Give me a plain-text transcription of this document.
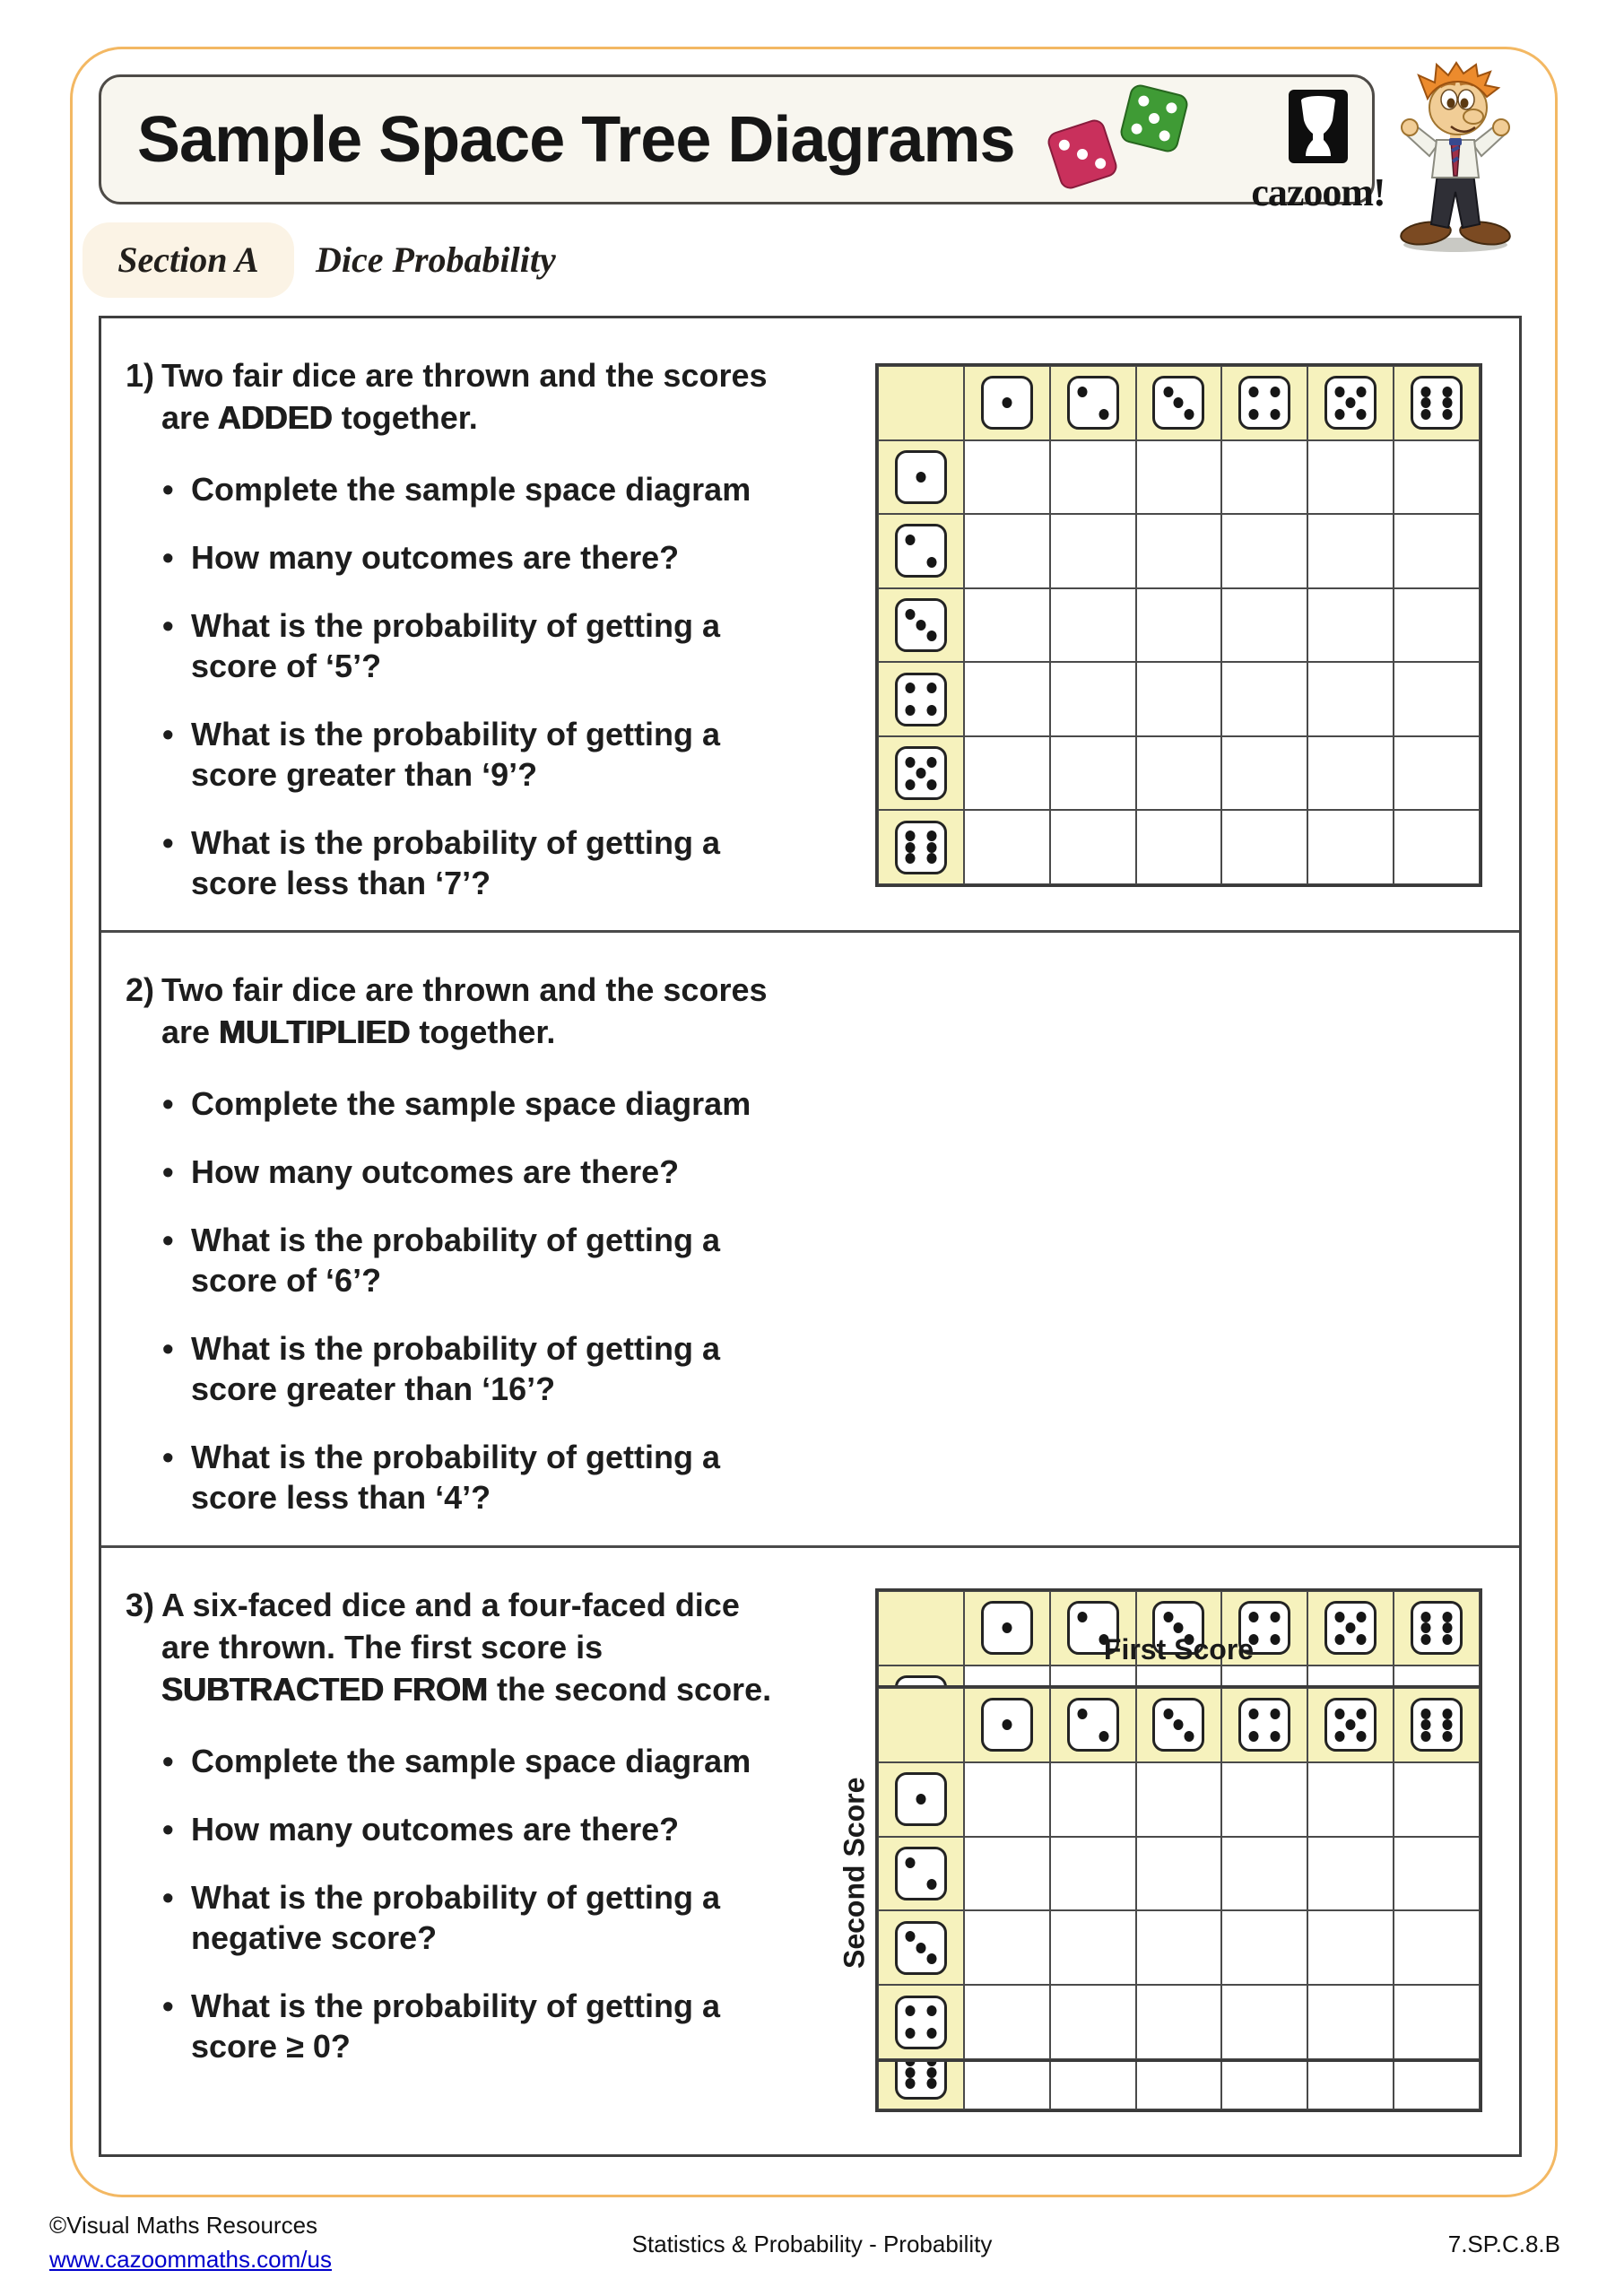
Sample Space Tree Diagrams
cazoom!
Section A	Dice Probability
1) Two fair dice are thrown and the scores are ADDED together.

• Complete the sample space diagram
• How many outcomes are there?
• What is the probability of getting a score of ‘5’?
• What is the probability of getting a score greater than ‘9’?
• What is the probability of getting a score less than ‘7’?
2) Two fair dice are thrown and the scores are MULTIPLIED together.

• Complete the sample space diagram
• How many outcomes are there?
• What is the probability of getting a score of ‘6’?
• What is the probability of getting a score greater than ‘16’?
• What is the probability of getting a score less than ‘4’?
3) A six-faced dice and a four-faced dice are thrown. The first score is SUBTRACTED FROM the second score.

• Complete the sample space diagram
• How many outcomes are there?
• What is the probability of getting a negative score?
• What is the probability of getting a score ≥ 0?
First Score
Second Score
©Visual Maths Resources
www.cazoommaths.com/us
Statistics & Probability - Probability	7.SP.C.8.B
